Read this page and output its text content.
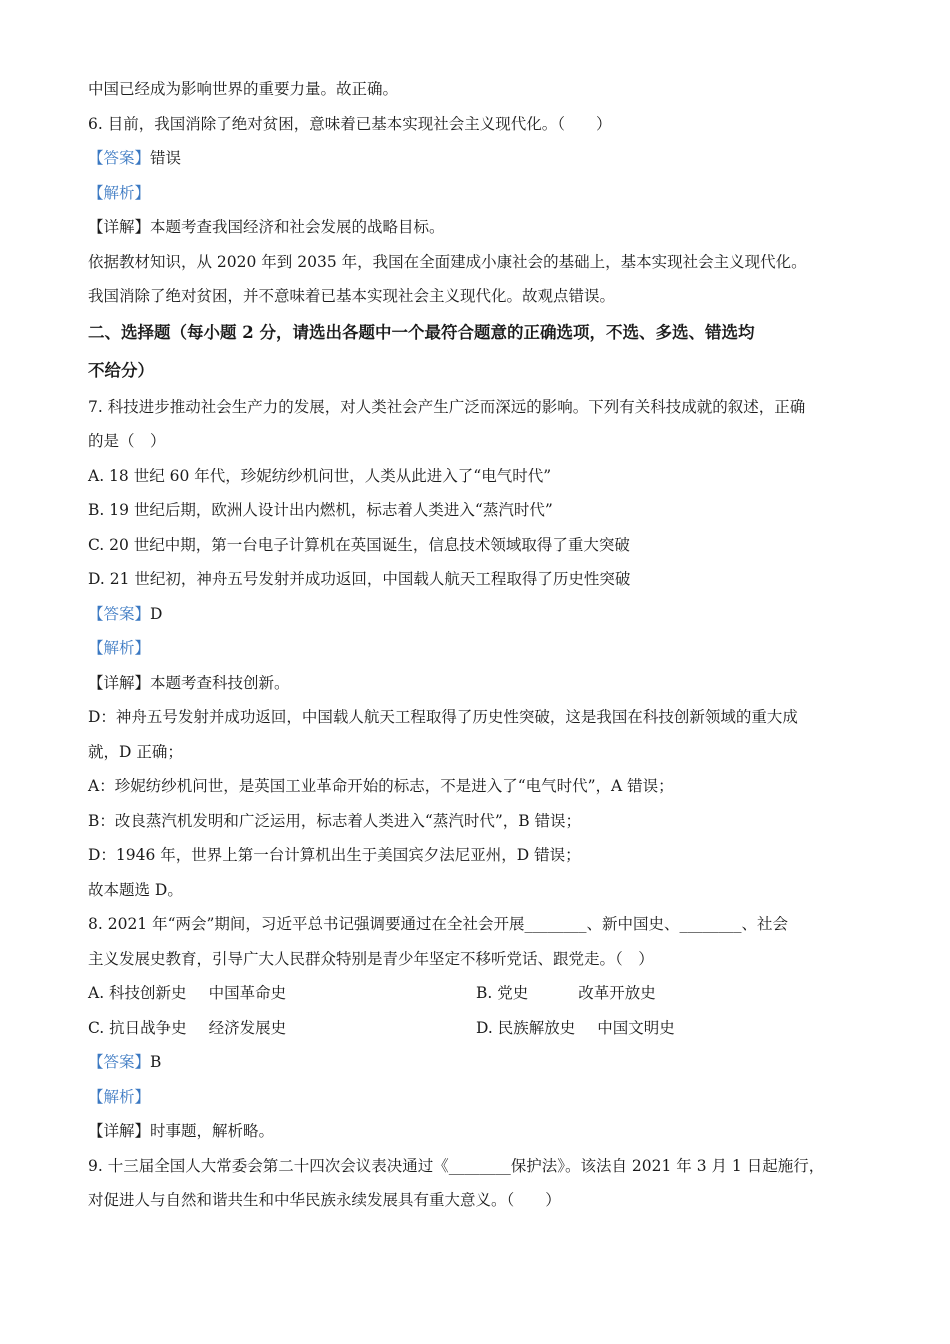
中国已经成为影响世界的重要力量。故正确。
6. 目前，我国消除了绝对贫困，意味着已基本实现社会主义现代化。（　　）
【答案】错误
【解析】
【详解】本题考查我国经济和社会发展的战略目标。
依据教材知识，从 2020 年到 2035 年，我国在全面建成小康社会的基础上，基本实现社会主义现代化。
我国消除了绝对贫困，并不意味着已基本实现社会主义现代化。故观点错误。
二、选择题（每小题 2 分，请选出各题中一个最符合题意的正确选项，不选、多选、错选均
不给分）
7. 科技进步推动社会生产力的发展，对人类社会产生广泛而深远的影响。下列有关科技成就的叙述，正确
的是（　）
A. 18 世纪 60 年代，珍妮纺纱机问世，人类从此进入了“电气时代”
B. 19 世纪后期，欧洲人设计出内燃机，标志着人类进入“蒸汽时代”
C. 20 世纪中期，第一台电子计算机在英国诞生，信息技术领域取得了重大突破
D. 21 世纪初，神舟五号发射并成功返回，中国载人航天工程取得了历史性突破
【答案】D
【解析】
【详解】本题考查科技创新。
D：神舟五号发射并成功返回，中国载人航天工程取得了历史性突破，这是我国在科技创新领域的重大成
就，D 正确；
A：珍妮纺纱机问世，是英国工业革命开始的标志，不是进入了“电气时代”，A 错误；
B：改良蒸汽机发明和广泛运用，标志着人类进入“蒸汽时代”，B 错误；
D：1946 年，世界上第一台计算机出生于美国宾夕法尼亚州，D 错误；
故本题选 D。
8. 2021 年“两会”期间，习近平总书记强调要通过在全社会开展________、新中国史、________、社会
主义发展史教育，引导广大人民群众特别是青少年坚定不移听党话、跟党走。（　）
A. 科技创新史 中国革命史	B. 党史	改革开放史
C. 抗日战争史 经济发展史	D. 民族解放史 中国文明史
【答案】B
【解析】
【详解】时事题，解析略。
9. 十三届全国人大常委会第二十四次会议表决通过《________保护法》。该法自 2021 年 3 月 1 日起施行，
对促进人与自然和谐共生和中华民族永续发展具有重大意义。（　　）
